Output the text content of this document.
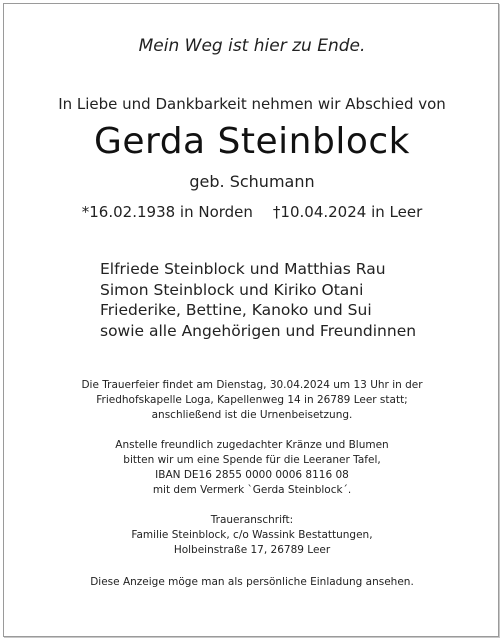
Mein Weg ist hier zu Ende.
In Liebe und Dankbarkeit nehmen wir Abschied von
Gerda Steinblock
geb. Schumann
*16.02.1938 in Norden †10.04.2024 in Leer
Elfriede Steinblock und Matthias Rau
Simon Steinblock und Kiriko Otani
Friederike, Bettine, Kanoko und Sui
sowie alle Angehörigen und Freundinnen
Die Trauerfeier findet am Dienstag, 30.04.2024 um 13 Uhr in der
Friedhofskapelle Loga, Kapellenweg 14 in 26789 Leer statt;
anschließend ist die Urnenbeisetzung.
Anstelle freundlich zugedachter Kränze und Blumen
bitten wir um eine Spende für die Leeraner Tafel,
IBAN DE16 2855 0000 0006 8116 08
mit dem Vermerk `Gerda Steinblock´.
Traueranschrift:
Familie Steinblock, c/o Wassink Bestattungen,
Holbeinstraße 17, 26789 Leer
Diese Anzeige möge man als persönliche Einladung ansehen.
